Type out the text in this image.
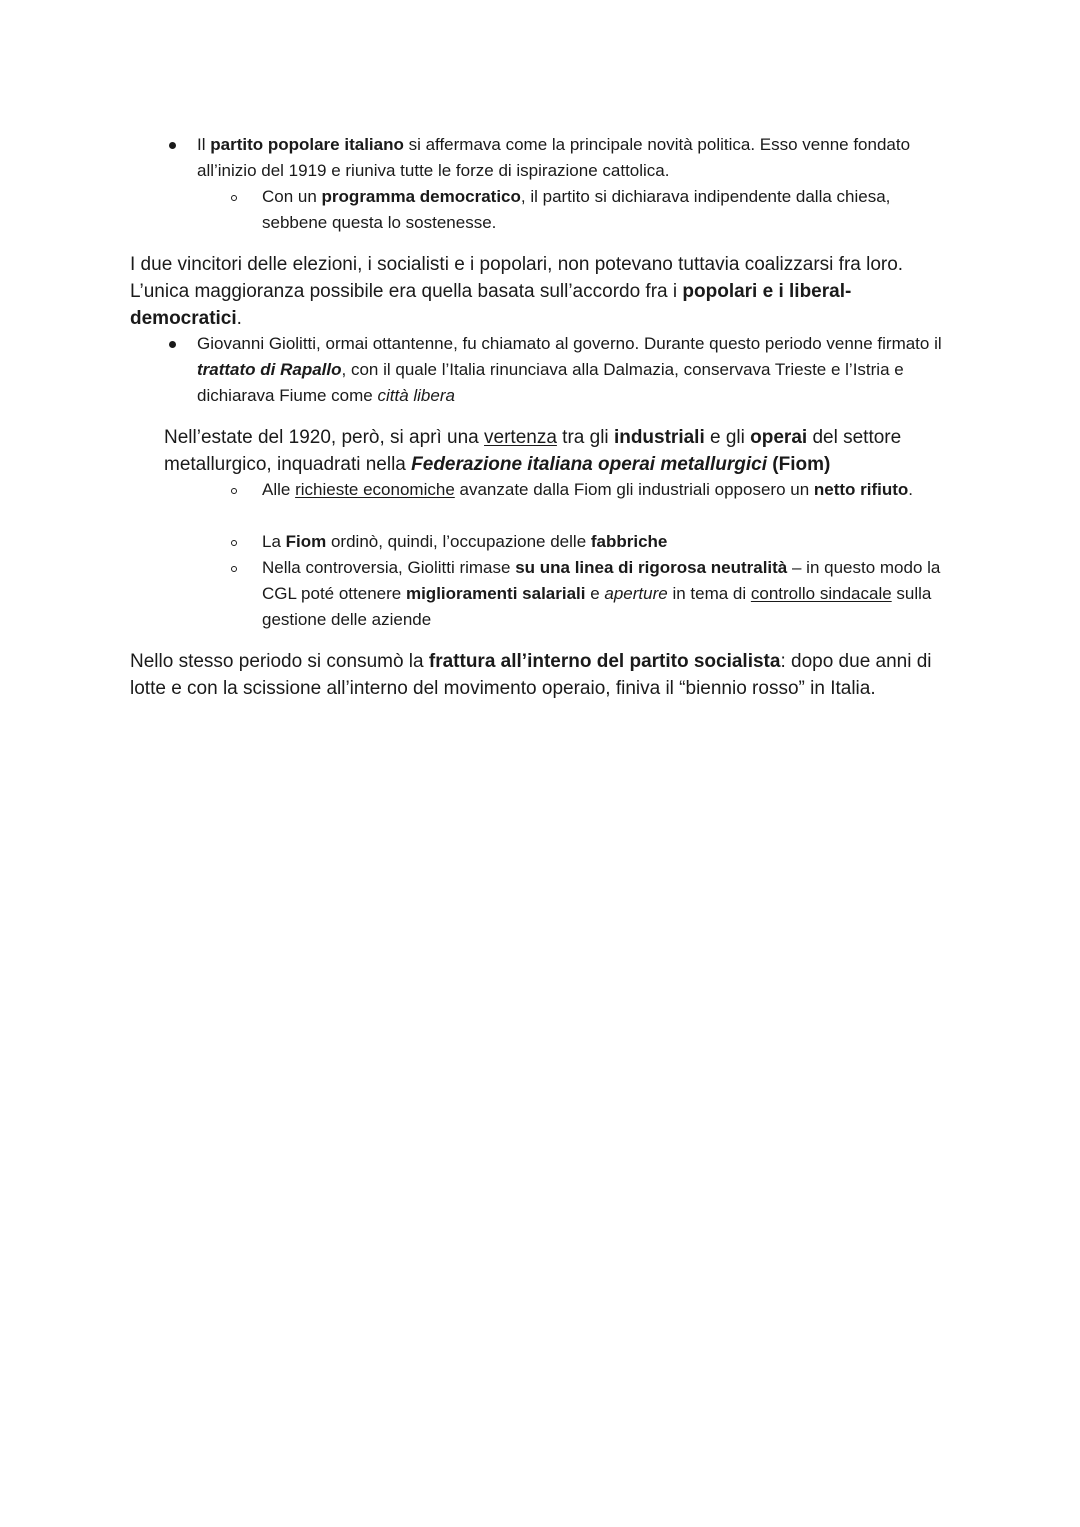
Il partito popolare italiano si affermava come la principale novità politica. Esso venne fondato all’inizio del 1919 e riuniva tutte le forze di ispirazione cattolica.

Con un programma democratico, il partito si dichiarava indipendente dalla chiesa, sebbene questa lo sostenesse.

I due vincitori delle elezioni, i socialisti e i popolari, non potevano tuttavia coalizzarsi fra loro. L’unica maggioranza possibile era quella basata sull’accordo fra i popolari e i liberal-democratici.

Giovanni Giolitti, ormai ottantenne, fu chiamato al governo. Durante questo periodo venne firmato il trattato di Rapallo, con il quale l’Italia rinunciava alla Dalmazia, conservava Trieste e l’Istria e dichiarava Fiume come città libera

Nell’estate del 1920, però, si aprì una vertenza tra gli industriali e gli operai del settore metallurgico, inquadrati nella Federazione italiana operai metallurgici (Fiom)

Alle richieste economiche avanzate dalla Fiom gli industriali opposero un netto rifiuto.

La Fiom ordinò, quindi, l’occupazione delle fabbriche

Nella controversia, Giolitti rimase su una linea di rigorosa neutralità – in questo modo la CGL poté ottenere miglioramenti salariali e aperture in tema di controllo sindacale sulla gestione delle aziende

Nello stesso periodo si consumò la frattura all’interno del partito socialista: dopo due anni di lotte e con la scissione all’interno del movimento operaio, finiva il “biennio rosso” in Italia.
